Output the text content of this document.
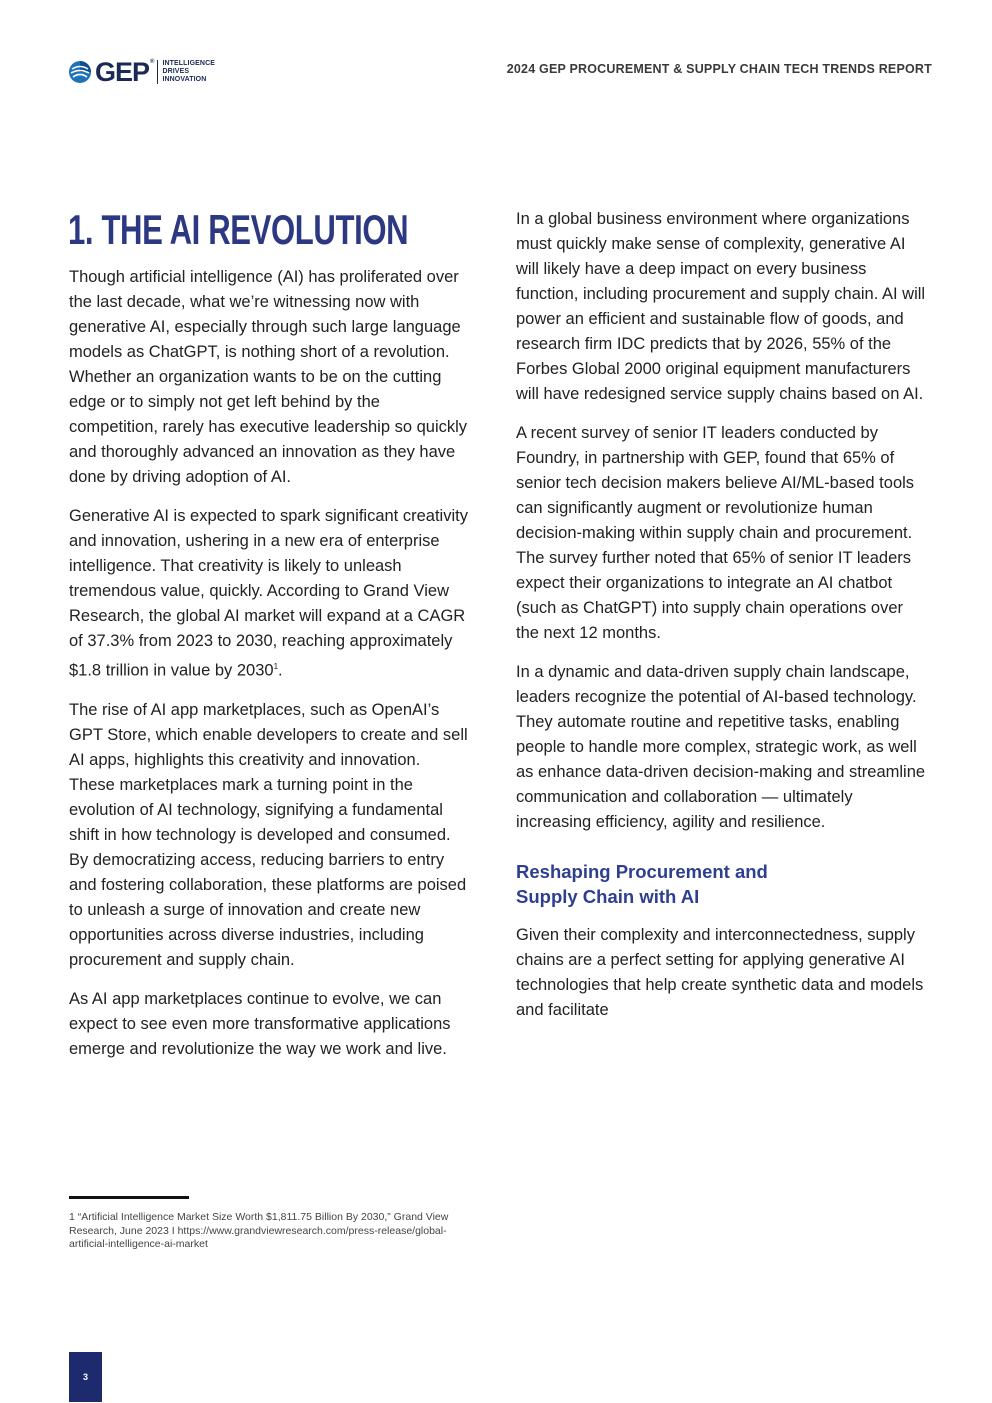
GEP® INTELLIGENCE
DRIVES
INNOVATION
2024 GEP PROCUREMENT & SUPPLY CHAIN TECH TRENDS REPORT
1. THE AI REVOLUTION

Though artificial intelligence (AI) has proliferated over the last decade, what we’re witnessing now with generative AI, especially through such large language models as ChatGPT, is nothing short of a revolution. Whether an organization wants to be on the cutting edge or to simply not get left behind by the competition, rarely has executive leadership so quickly and thoroughly advanced an innovation as they have done by driving adoption of AI.

Generative AI is expected to spark significant creativity and innovation, ushering in a new era of enterprise intelligence. That creativity is likely to unleash tremendous value, quickly. According to Grand View Research, the global AI market will expand at a CAGR of 37.3% from 2023 to 2030, reaching approximately $1.8 trillion in value by 2030$^1$.

The rise of AI app marketplaces, such as OpenAI’s GPT Store, which enable developers to create and sell AI apps, highlights this creativity and innovation. These marketplaces mark a turning point in the evolution of AI technology, signifying a fundamental shift in how technology is developed and consumed. By democratizing access, reducing barriers to entry and fostering collaboration, these platforms are poised to unleash a surge of innovation and create new opportunities across diverse industries, including procurement and supply chain.

As AI app marketplaces continue to evolve, we can expect to see even more transformative applications emerge and revolutionize the way we work and live.

In a global business environment where organizations must quickly make sense of complexity, generative AI will likely have a deep impact on every business function, including procurement and supply chain. AI will power an efficient and sustainable flow of goods, and research firm IDC predicts that by 2026, 55% of the Forbes Global 2000 original equipment manufacturers will have redesigned service supply chains based on AI.

A recent survey of senior IT leaders conducted by Foundry, in partnership with GEP, found that 65% of senior tech decision makers believe AI/ML-based tools can significantly augment or revolutionize human decision-making within supply chain and procurement. The survey further noted that 65% of senior IT leaders expect their organizations to integrate an AI chatbot (such as ChatGPT) into supply chain operations over the next 12 months.

In a dynamic and data-driven supply chain landscape, leaders recognize the potential of AI-based technology. They automate routine and repetitive tasks, enabling people to handle more complex, strategic work, as well as enhance data-driven decision-making and streamline communication and collaboration — ultimately increasing efficiency, agility and resilience.

Reshaping Procurement and
Supply Chain with AI

Given their complexity and interconnectedness, supply chains are a perfect setting for applying generative AI technologies that help create synthetic data and models and facilitate

1 “Artificial Intelligence Market Size Worth $1,811.75 Billion By 2030,” Grand View Research, June 2023 I https://www.grandviewresearch.com/press-release/global-artificial-intelligence-ai-market
3
